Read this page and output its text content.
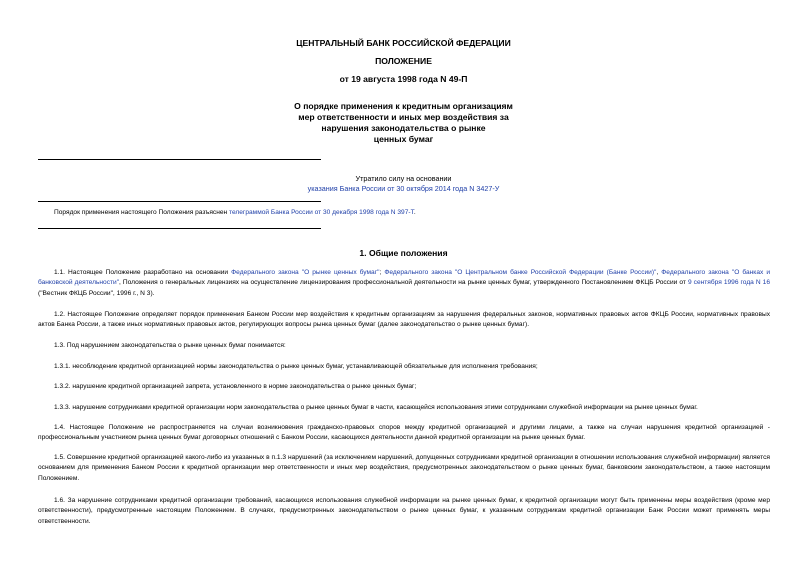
ЦЕНТРАЛЬНЫЙ БАНК РОССИЙСКОЙ ФЕДЕРАЦИИ
ПОЛОЖЕНИЕ
от 19 августа 1998 года N 49-П
О порядке применения к кредитным организациям
мер ответственности и иных мер воздействия за
нарушения законодательства о рынке
ценных бумаг
Утратило силу на основании
указания Банка России от 30 октября 2014 года N 3427-У
Порядок применения настоящего Положения разъяснен телеграммой Банка России от 30 декабря 1998 года N 397-Т.
1. Общие положения
1.1. Настоящее Положение разработано на основании Федерального закона "О рынке ценных бумаг"; Федерального закона "О Центральном банке Российской Федерации (Банке России)", Федерального закона "О банках и банковской деятельности", Положения о генеральных лицензиях на осуществление лицензирования профессиональной деятельности на рынке ценных бумаг, утвержденного Постановлением ФКЦБ России от 9 сентября 1996 года N 16 ("Вестник ФКЦБ России", 1996 г., N 3).
1.2. Настоящее Положение определяет порядок применения Банком России мер воздействия к кредитным организациям за нарушения федеральных законов, нормативных правовых актов ФКЦБ России, нормативных правовых актов Банка России, а также иных нормативных правовых актов, регулирующих вопросы рынка ценных бумаг (далее законодательство о рынке ценных бумаг).
1.3. Под нарушением законодательства о рынке ценных бумаг понимается:
1.3.1. несоблюдение кредитной организацией нормы законодательства о рынке ценных бумаг, устанавливающей обязательные для исполнения требования;
1.3.2. нарушение кредитной организацией запрета, установленного в норме законодательства о рынке ценных бумаг;
1.3.3. нарушение сотрудниками кредитной организации норм законодательства о рынке ценных бумаг в части, касающейся использования этими сотрудниками служебной информации на рынке ценных бумаг.
1.4. Настоящее Положение не распространяется на случаи возникновения гражданско-правовых споров между кредитной организацией и другими лицами, а также на случаи нарушения кредитной организацией - профессиональным участником рынка ценных бумаг договорных отношений с Банком России, касающихся деятельности данной кредитной организации на рынке ценных бумаг.
1.5. Совершение кредитной организацией какого-либо из указанных в п.1.3 нарушений (за исключением нарушений, допущенных сотрудниками кредитной организации в отношении использования служебной информации) является основанием для применения Банком России к кредитной организации мер ответственности и иных мер воздействия, предусмотренных законодательством о рынке ценных бумаг, банковским законодательством, а также настоящим Положением.
1.6. За нарушение сотрудниками кредитной организации требований, касающихся использования служебной информации на рынке ценных бумаг, к кредитной организации могут быть применены меры воздействия (кроме мер ответственности), предусмотренные настоящим Положением. В случаях, предусмотренных законодательством о рынке ценных бумаг, к указанным сотрудникам кредитной организации Банк России может применять меры ответственности.
